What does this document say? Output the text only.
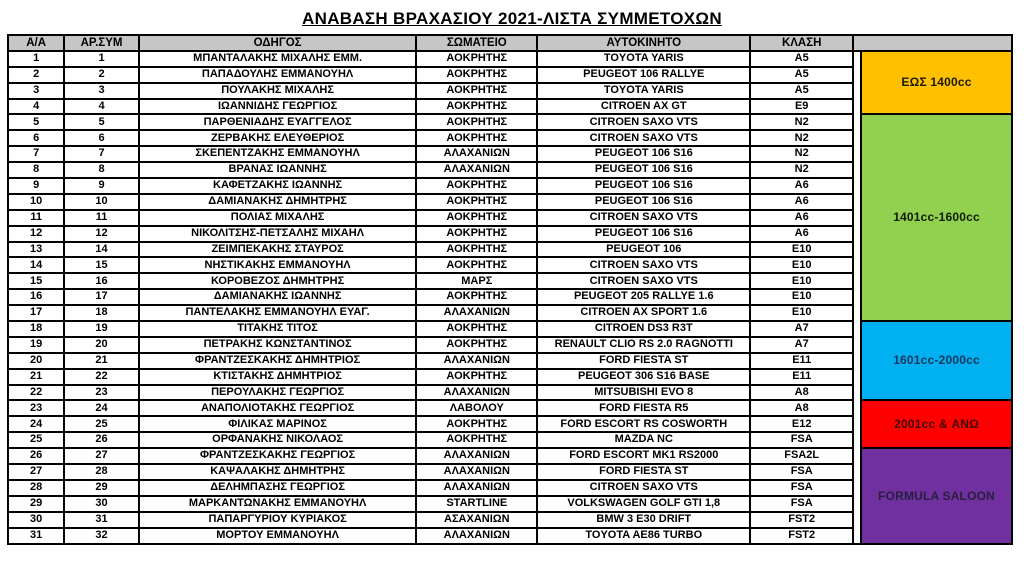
ΑΝΑΒΑΣΗ ΒΡΑΧΑΣΙΟΥ 2021-ΛΙΣΤΑ ΣΥΜΜΕΤΟΧΩΝ
Α/Α	ΑΡ.ΣΥΜ	ΟΔΗΓΟΣ	ΣΩΜΑΤΕΙΟ	ΑΥΤΟΚΙΝΗΤΟ	ΚΛΑΣΗ		
1	1	ΜΠΑΝΤΑΛΑΚΗΣ ΜΙΧΑΛΗΣ ΕΜΜ.	ΑΟΚΡΗΤΗΣ	TOYOTA YARIS	A5		ΕΩΣ 1400cc
2	2	ΠΑΠΑΔΟΥΛΗΣ ΕΜΜΑΝΟΥΗΛ	ΑΟΚΡΗΤΗΣ	PEUGEOT 106 RALLYE	A5		
3	3	ΠΟΥΛΑΚΗΣ ΜΙΧΑΛΗΣ	ΑΟΚΡΗΤΗΣ	TOYOTA YARIS	A5		
4	4	ΙΩΑΝΝΙΔΗΣ ΓΕΩΡΓΙΟΣ	ΑΟΚΡΗΤΗΣ	CITROEN AX GT	E9		
5	5	ΠΑΡΘΕΝΙΑΔΗΣ ΕΥΑΓΓΕΛΟΣ	ΑΟΚΡΗΤΗΣ	CITROEN SAXO VTS	N2		1401cc-1600cc
6	6	ΖΕΡΒΑΚΗΣ ΕΛΕΥΘΕΡΙΟΣ	ΑΟΚΡΗΤΗΣ	CITROEN SAXO VTS	N2		
7	7	ΣΚΕΠΕΝΤΖΑΚΗΣ ΕΜΜΑΝΟΥΗΛ	ΑΛΑΧΑΝΙΩΝ	PEUGEOT 106 S16	N2		
8	8	ΒΡΑΝΑΣ ΙΩΑΝΝΗΣ	ΑΛΑΧΑΝΙΩΝ	PEUGEOT 106 S16	N2		
9	9	ΚΑΦΕΤΖΑΚΗΣ ΙΩΑΝΝΗΣ	ΑΟΚΡΗΤΗΣ	PEUGEOT 106 S16	A6		
10	10	ΔΑΜΙΑΝΑΚΗΣ ΔΗΜΗΤΡΗΣ	ΑΟΚΡΗΤΗΣ	PEUGEOT 106 S16	A6		
11	11	ΠΟΛΙΑΣ ΜΙΧΑΛΗΣ	ΑΟΚΡΗΤΗΣ	CITROEN SAXO VTS	A6		
12	12	ΝΙΚΟΛΙΤΣΗΣ-ΠΕΤΣΑΛΗΣ ΜΙΧΑΗΛ	ΑΟΚΡΗΤΗΣ	PEUGEOT 106 S16	A6		
13	14	ΖΕΙΜΠΕΚΑΚΗΣ ΣΤΑΥΡΟΣ	ΑΟΚΡΗΤΗΣ	PEUGEOT 106	E10		
14	15	ΝΗΣΤΙΚΑΚΗΣ ΕΜΜΑΝΟΥΗΛ	ΑΟΚΡΗΤΗΣ	CITROEN SAXO VTS	E10		
15	16	ΚΟΡΟΒΕΖΟΣ ΔΗΜΗΤΡΗΣ	ΜΑΡΣ	CITROEN SAXO VTS	E10		
16	17	ΔΑΜΙΑΝΑΚΗΣ ΙΩΑΝΝΗΣ	ΑΟΚΡΗΤΗΣ	PEUGEOT 205 RALLYE 1.6	E10		
17	18	ΠΑΝΤΕΛΑΚΗΣ ΕΜΜΑΝΟΥΗΛ ΕΥΑΓ.	ΑΛΑΧΑΝΙΩΝ	CITROEN AX SPORT 1.6	E10		
18	19	ΤΙΤΑΚΗΣ ΤΙΤΟΣ	ΑΟΚΡΗΤΗΣ	CITROEN DS3 R3T	A7		1601cc-2000cc
19	20	ΠΕΤΡΑΚΗΣ ΚΩΝΣΤΑΝΤΙΝΟΣ	ΑΟΚΡΗΤΗΣ	RENAULT CLIO RS 2.0 RAGNOTTI	A7		
20	21	ΦΡΑΝΤΖΕΣΚΑΚΗΣ ΔΗΜΗΤΡΙΟΣ	ΑΛΑΧΑΝΙΩΝ	FORD FIESTA ST	E11		
21	22	ΚΤΙΣΤΑΚΗΣ ΔΗΜΗΤΡΙΟΣ	ΑΟΚΡΗΤΗΣ	PEUGEOT 306 S16 BASE	E11		
22	23	ΠΕΡΟΥΛΑΚΗΣ ΓΕΩΡΓΙΟΣ	ΑΛΑΧΑΝΙΩΝ	MITSUBISHI EVO 8	A8		
23	24	ΑΝΑΠΟΛΙΟΤΑΚΗΣ ΓΕΩΡΓΙΟΣ	ΛΑΒΟΛΟΥ	FORD FIESTA R5	A8		2001cc & ΑΝΩ
24	25	ΦΙΛΙΚΑΣ ΜΑΡΙΝΟΣ	ΑΟΚΡΗΤΗΣ	FORD ESCORT RS COSWORTH	E12		
25	26	ΟΡΦΑΝΑΚΗΣ ΝΙΚΟΛΑΟΣ	ΑΟΚΡΗΤΗΣ	MAZDA NC	FSA		
26	27	ΦΡΑΝΤΖΕΣΚΑΚΗΣ ΓΕΩΡΓΙΟΣ	ΑΛΑΧΑΝΙΩΝ	FORD ESCORT MK1 RS2000	FSA2L		FORMULA SALOON
27	28	ΚΑΨΑΛΑΚΗΣ ΔΗΜΗΤΡΗΣ	ΑΛΑΧΑΝΙΩΝ	FORD FIESTA ST	FSA		
28	29	ΔΕΛΗΜΠΑΣΗΣ ΓΕΩΡΓΙΟΣ	ΑΛΑΧΑΝΙΩΝ	CITROEN SAXO VTS	FSA		
29	30	ΜΑΡΚΑΝΤΩΝΑΚΗΣ ΕΜΜΑΝΟΥΗΛ	STARTLINE	VOLKSWAGEN GOLF GTI 1,8	FSA		
30	31	ΠΑΠΑΡΓΥΡΙΟΥ ΚΥΡΙΑΚΟΣ	ΑΣΑΧΑΝΙΩΝ	BMW 3 E30 DRIFT	FST2		
31	32	ΜΟΡΤΟΥ ΕΜΜΑΝΟΥΗΛ	ΑΛΑΧΑΝΙΩΝ	TOYOTA AE86 TURBO	FST2		
